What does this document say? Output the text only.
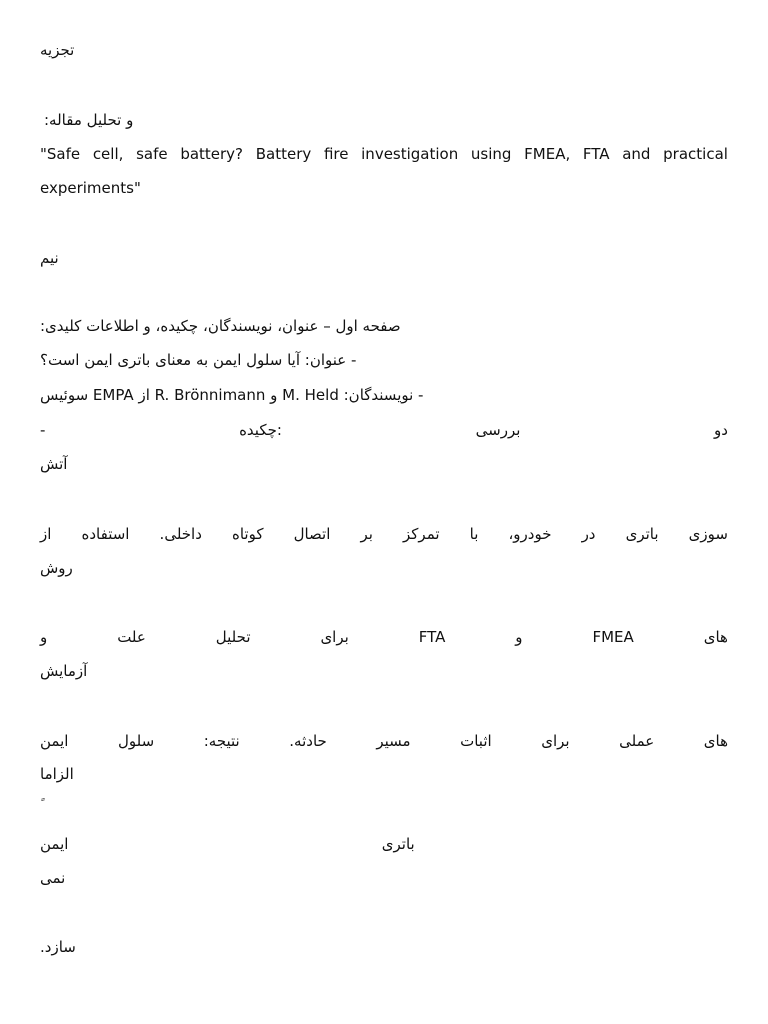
تجزیه
و تحلیل مقاله:
"Safe cell, safe battery? Battery fire investigation using FMEA, FTA and practical
experiments"
نیم
صفحه اول – عنوان، نویسندگان، چکیده، و اطلاعات کلیدی:
- عنوان: آیا سلول ایمن به معنای باتری ایمن است؟
- نویسندگان: M. Held و R. Brönnimann از EMPA سوئیس
-	چکیده:	بررسی	دو
آتش
از استفاده داخلی. کوتاه اتصال بر تمرکز با خودرو، در باتری سوزی
روش
و	علت	تحلیل	برای	FTA	و	FMEA	های
آزمایش
ایمن	سلول	نتیجه:	حادثه.	مسیر	اثبات	برای	عملی	های
الزاما
ایمن	باتری
نمی
سازد.
